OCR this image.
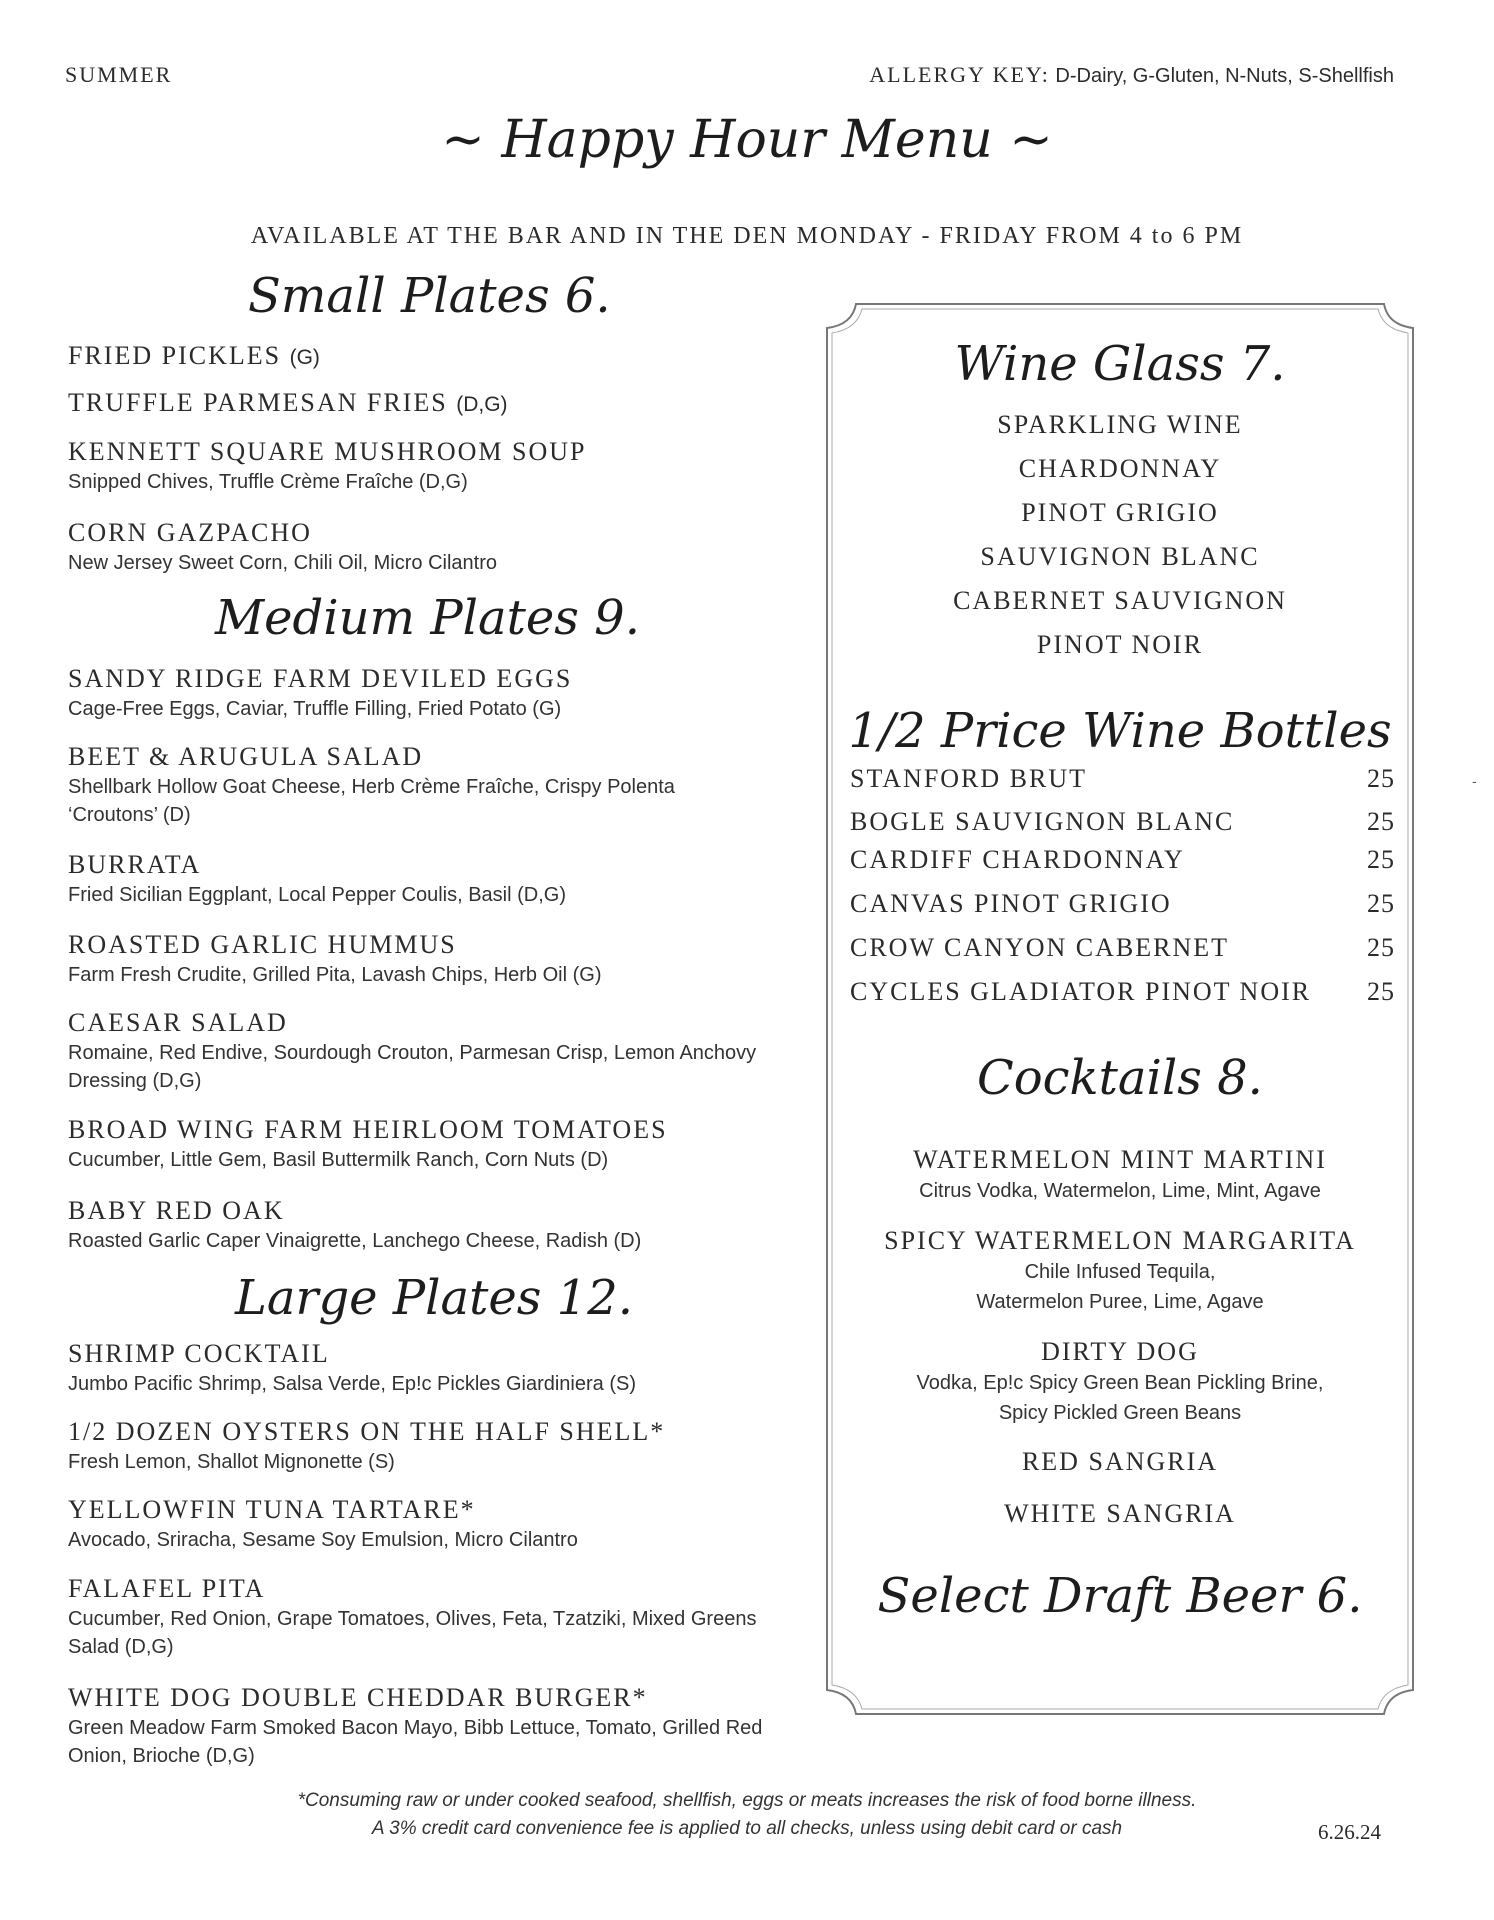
SUMMER	ALLERGY KEY: D-Dairy, G-Gluten, N-Nuts, S-Shellfish
~ Happy Hour Menu ~
AVAILABLE AT THE BAR AND IN THE DEN MONDAY - FRIDAY FROM 4 to 6 PM
Small Plates 6.
FRIED PICKLES (G)
TRUFFLE PARMESAN FRIES (D,G)
KENNETT SQUARE MUSHROOM SOUP
Snipped Chives, Truffle Crème Fraîche (D,G)
CORN GAZPACHO
New Jersey Sweet Corn, Chili Oil, Micro Cilantro
Medium Plates 9.
SANDY RIDGE FARM DEVILED EGGS
Cage-Free Eggs, Caviar, Truffle Filling, Fried Potato (G)
BEET & ARUGULA SALAD
Shellbark Hollow Goat Cheese, Herb Crème Fraîche, Crispy Polenta ‘Croutons’ (D)
BURRATA
Fried Sicilian Eggplant, Local Pepper Coulis, Basil (D,G)
ROASTED GARLIC HUMMUS
Farm Fresh Crudite, Grilled Pita, Lavash Chips, Herb Oil (G)
CAESAR SALAD
Romaine, Red Endive, Sourdough Crouton, Parmesan Crisp, Lemon Anchovy Dressing (D,G)
BROAD WING FARM HEIRLOOM TOMATOES
Cucumber, Little Gem, Basil Buttermilk Ranch, Corn Nuts (D)
BABY RED OAK
Roasted Garlic Caper Vinaigrette, Lanchego Cheese, Radish (D)
Large Plates 12.
SHRIMP COCKTAIL
Jumbo Pacific Shrimp, Salsa Verde, Ep!c Pickles Giardiniera (S)
1/2 DOZEN OYSTERS ON THE HALF SHELL*
Fresh Lemon, Shallot Mignonette (S)
YELLOWFIN TUNA TARTARE*
Avocado, Sriracha, Sesame Soy Emulsion, Micro Cilantro
FALAFEL PITA
Cucumber, Red Onion, Grape Tomatoes, Olives, Feta, Tzatziki, Mixed Greens Salad (D,G)
WHITE DOG DOUBLE CHEDDAR BURGER*
Green Meadow Farm Smoked Bacon Mayo, Bibb Lettuce, Tomato, Grilled Red Onion, Brioche (D,G)
Wine Glass 7.
SPARKLING WINE
CHARDONNAY
PINOT GRIGIO
SAUVIGNON BLANC
CABERNET SAUVIGNON
PINOT NOIR
1/2 Price Wine Bottles
STANFORD BRUT	25
BOGLE SAUVIGNON BLANC	25
CARDIFF CHARDONNAY	25
CANVAS PINOT GRIGIO	25
CROW CANYON CABERNET	25
CYCLES GLADIATOR PINOT NOIR 25
Cocktails 8.
WATERMELON MINT MARTINI
Citrus Vodka, Watermelon, Lime, Mint, Agave
SPICY WATERMELON MARGARITA
Chile Infused Tequila,
Watermelon Puree, Lime, Agave
DIRTY DOG
Vodka, Ep!c Spicy Green Bean Pickling Brine,
Spicy Pickled Green Beans
RED SANGRIA
WHITE SANGRIA
Select Draft Beer 6.
*Consuming raw or under cooked seafood, shellfish, eggs or meats increases the risk of food borne illness.
A 3% credit card convenience fee is applied to all checks, unless using debit card or cash	6.26.24
-
